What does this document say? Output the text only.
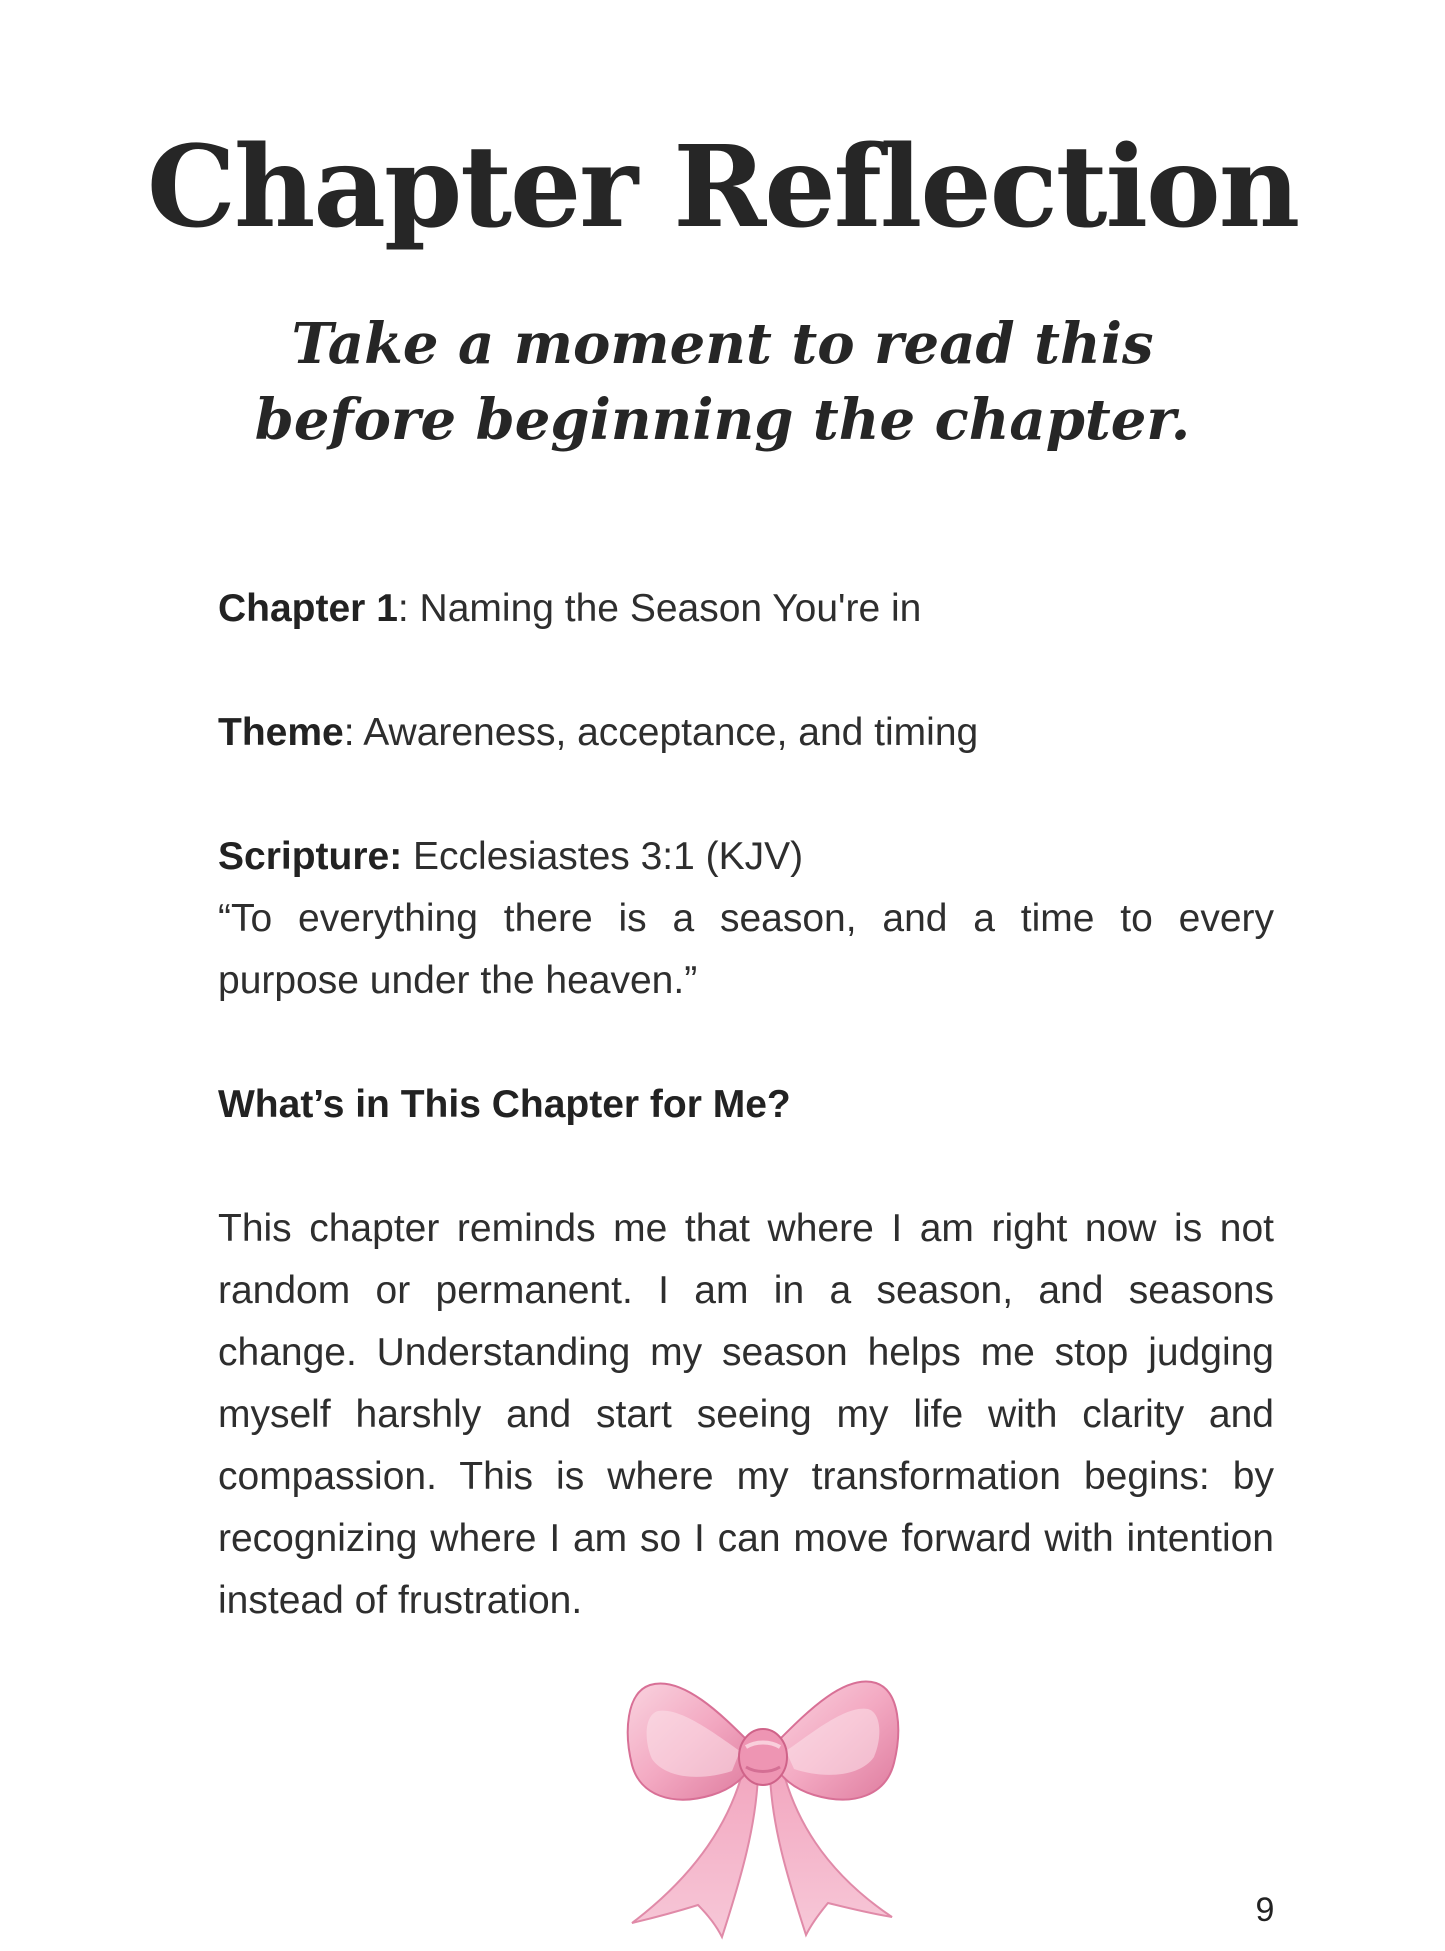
Chapter Reflection
Take a moment to read this
before beginning the chapter.

Chapter 1: Naming the Season You're in

Theme: Awareness, acceptance, and timing

Scripture: Ecclesiastes 3:1 (KJV)

“To everything there is a season, and a time to every purpose under the heaven.”

What’s in This Chapter for Me?

This chapter reminds me that where I am right now is not random or permanent. I am in a season, and seasons change. Understanding my season helps me stop judging myself harshly and start seeing my life with clarity and compassion. This is where my transformation begins: by recognizing where I am so I can move forward with intention instead of frustration.

9
